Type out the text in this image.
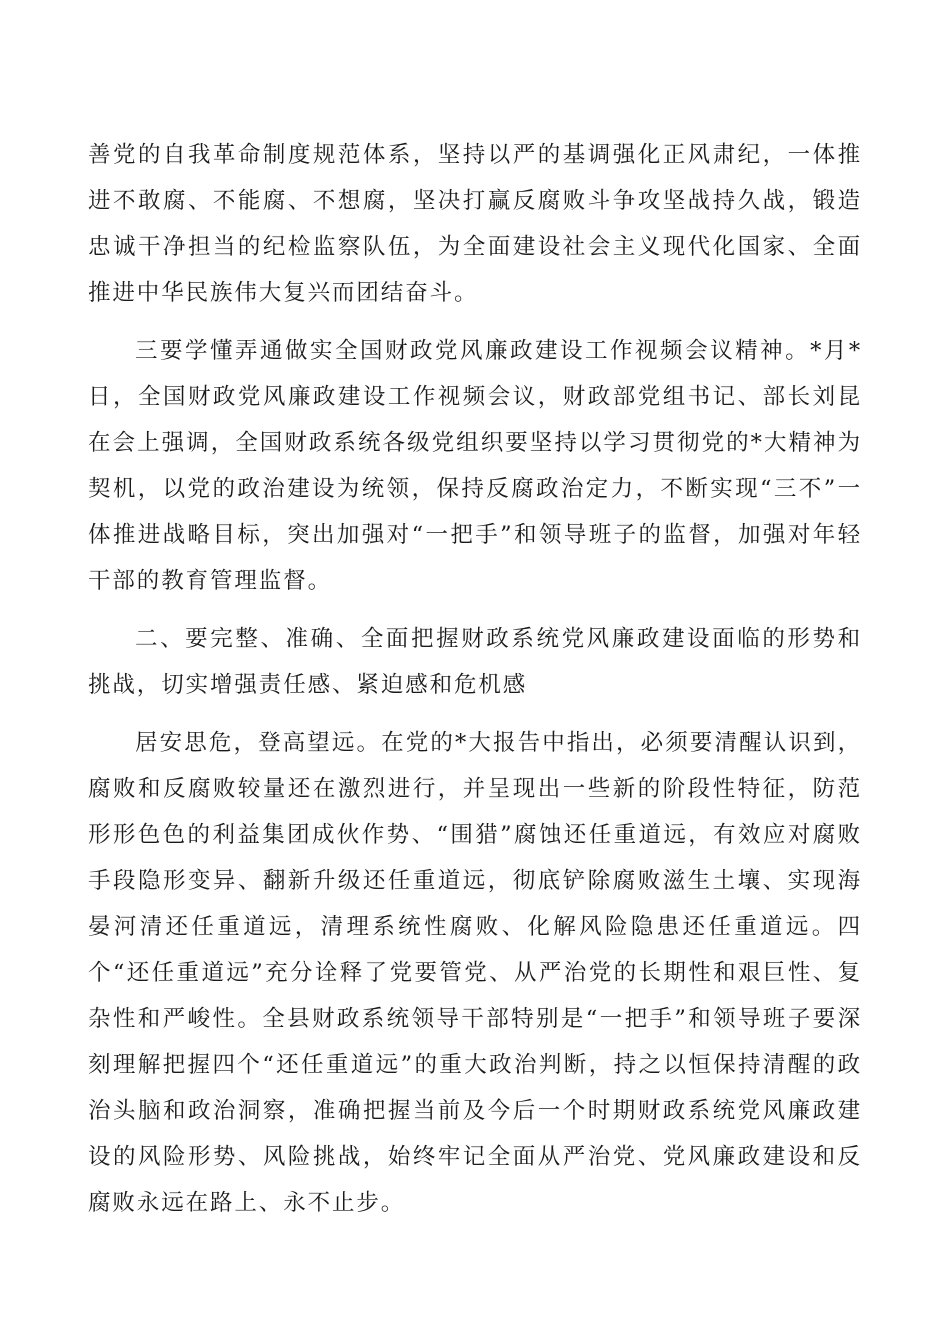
善党的自我革命制度规范体系，坚持以严的基调强化正风肃纪，一体推进不敢腐、不能腐、不想腐，坚决打赢反腐败斗争攻坚战持久战，锻造忠诚干净担当的纪检监察队伍，为全面建设社会主义现代化国家、全面推进中华民族伟大复兴而团结奋斗。

三要学懂弄通做实全国财政党风廉政建设工作视频会议精神。*月*日，全国财政党风廉政建设工作视频会议，财政部党组书记、部长刘昆在会上强调，全国财政系统各级党组织要坚持以学习贯彻党的*大精神为契机，以党的政治建设为统领，保持反腐政治定力，不断实现“三不”一体推进战略目标，突出加强对“一把手”和领导班子的监督，加强对年轻干部的教育管理监督。

二、要完整、准确、全面把握财政系统党风廉政建设面临的形势和挑战，切实增强责任感、紧迫感和危机感

居安思危，登高望远。在党的*大报告中指出，必须要清醒认识到，腐败和反腐败较量还在激烈进行，并呈现出一些新的阶段性特征，防范形形色色的利益集团成伙作势、“围猎”腐蚀还任重道远，有效应对腐败手段隐形变异、翻新升级还任重道远，彻底铲除腐败滋生土壤、实现海晏河清还任重道远，清理系统性腐败、化解风险隐患还任重道远。四个“还任重道远”充分诠释了党要管党、从严治党的长期性和艰巨性、复杂性和严峻性。全县财政系统领导干部特别是“一把手”和领导班子要深刻理解把握四个“还任重道远”的重大政治判断，持之以恒保持清醒的政治头脑和政治洞察，准确把握当前及今后一个时期财政系统党风廉政建设的风险形势、风险挑战，始终牢记全面从严治党、党风廉政建设和反腐败永远在路上、永不止步。
